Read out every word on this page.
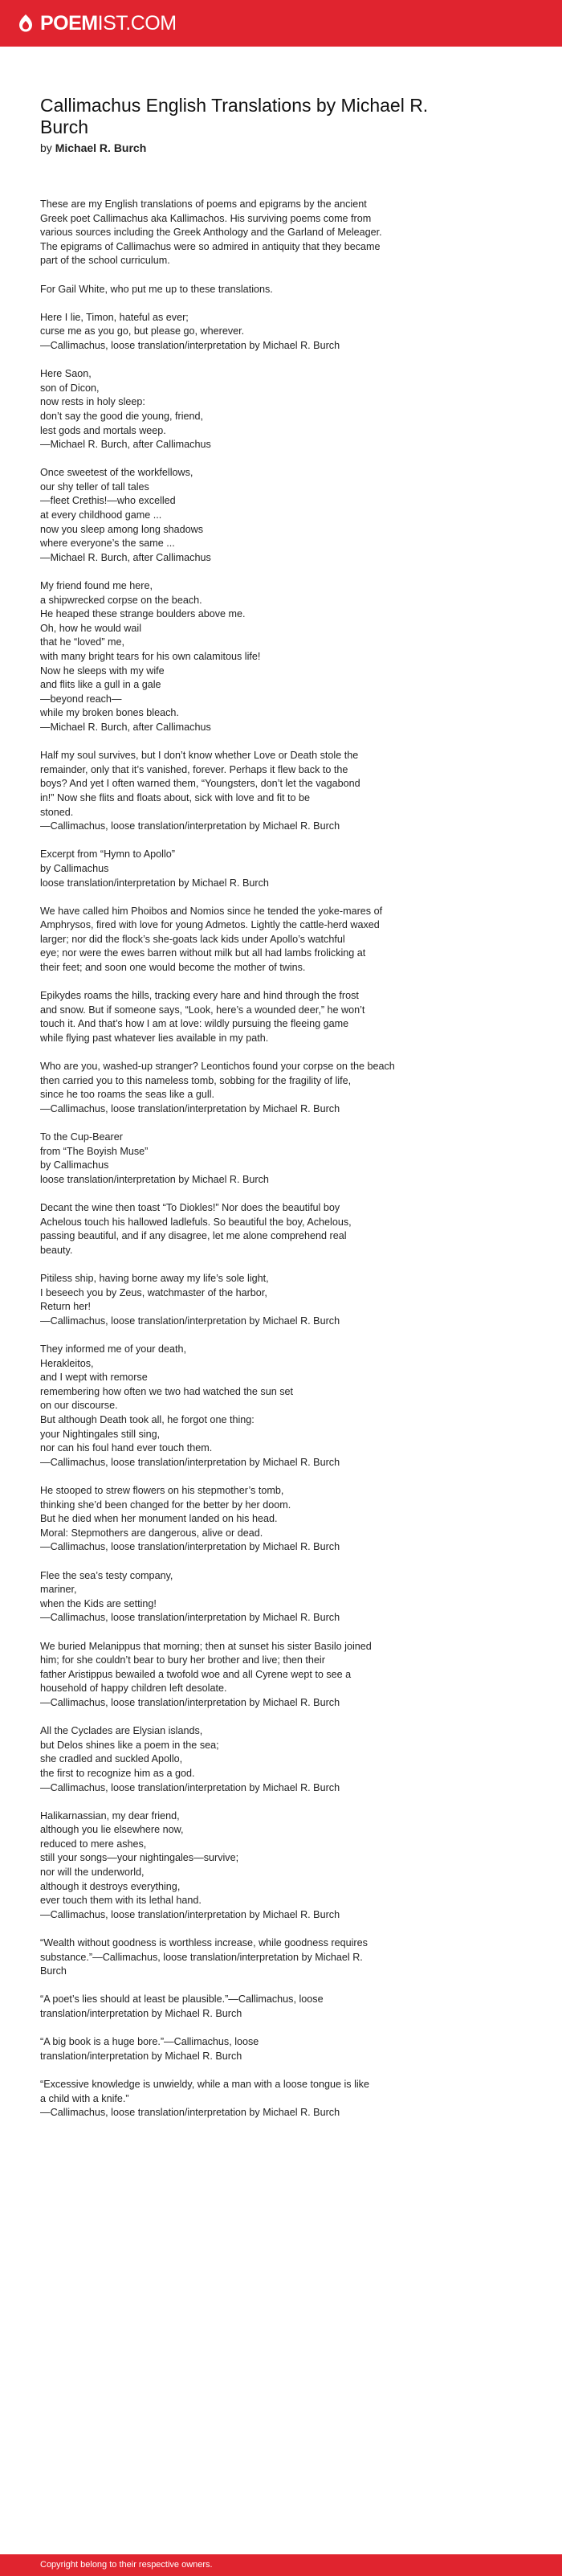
POEM IST.COM
Callimachus English Translations by Michael R. Burch
by Michael R. Burch
These are my English translations of poems and epigrams by the ancient
Greek poet Callimachus aka Kallimachos. His surviving poems come from
various sources including the Greek Anthology and the Garland of Meleager.
The epigrams of Callimachus were so admired in antiquity that they became
part of the school curriculum.
For Gail White, who put me up to these translations.
Here I lie, Timon, hateful as ever;
curse me as you go, but please go, wherever.
—Callimachus, loose translation/interpretation by Michael R. Burch
Here Saon,
son of Dicon,
now rests in holy sleep:
don’t say the good die young, friend,
lest gods and mortals weep.
—Michael R. Burch, after Callimachus
Once sweetest of the workfellows,
our shy teller of tall tales
—fleet Crethis!—who excelled
at every childhood game ...
now you sleep among long shadows
where everyone’s the same ...
—Michael R. Burch, after Callimachus
My friend found me here,
a shipwrecked corpse on the beach.
He heaped these strange boulders above me.
Oh, how he would wail
that he “loved” me,
with many bright tears for his own calamitous life!
Now he sleeps with my wife
and flits like a gull in a gale
—beyond reach—
while my broken bones bleach.
—Michael R. Burch, after Callimachus
Half my soul survives, but I don’t know whether Love or Death stole the
remainder, only that it’s vanished, forever. Perhaps it flew back to the
boys? And yet I often warned them, “Youngsters, don’t let the vagabond
in!” Now she flits and floats about, sick with love and fit to be
stoned.
—Callimachus, loose translation/interpretation by Michael R. Burch
Excerpt from “Hymn to Apollo”
by Callimachus
loose translation/interpretation by Michael R. Burch
We have called him Phoibos and Nomios since he tended the yoke-mares of
Amphrysos, fired with love for young Admetos. Lightly the cattle-herd waxed
larger; nor did the flock’s she-goats lack kids under Apollo’s watchful
eye; nor were the ewes barren without milk but all had lambs frolicking at
their feet; and soon one would become the mother of twins.
Epikydes roams the hills, tracking every hare and hind through the frost
and snow. But if someone says, “Look, here’s a wounded deer,” he won’t
touch it. And that’s how I am at love: wildly pursuing the fleeing game
while flying past whatever lies available in my path.
Who are you, washed-up stranger? Leontichos found your corpse on the beach
then carried you to this nameless tomb, sobbing for the fragility of life,
since he too roams the seas like a gull.
—Callimachus, loose translation/interpretation by Michael R. Burch
To the Cup-Bearer
from “The Boyish Muse”
by Callimachus
loose translation/interpretation by Michael R. Burch
Decant the wine then toast “To Diokles!” Nor does the beautiful boy
Achelous touch his hallowed ladlefuls. So beautiful the boy, Achelous,
passing beautiful, and if any disagree, let me alone comprehend real
beauty.
Pitiless ship, having borne away my life’s sole light,
I beseech you by Zeus, watchmaster of the harbor,
Return her!
—Callimachus, loose translation/interpretation by Michael R. Burch
They informed me of your death,
Herakleitos,
and I wept with remorse
remembering how often we two had watched the sun set
on our discourse.
But although Death took all, he forgot one thing:
your Nightingales still sing,
nor can his foul hand ever touch them.
—Callimachus, loose translation/interpretation by Michael R. Burch
He stooped to strew flowers on his stepmother’s tomb,
thinking she’d been changed for the better by her doom.
But he died when her monument landed on his head.
Moral: Stepmothers are dangerous, alive or dead.
—Callimachus, loose translation/interpretation by Michael R. Burch
Flee the sea’s testy company,
mariner,
when the Kids are setting!
—Callimachus, loose translation/interpretation by Michael R. Burch
We buried Melanippus that morning; then at sunset his sister Basilo joined
him; for she couldn’t bear to bury her brother and live; then their
father Aristippus bewailed a twofold woe and all Cyrene wept to see a
household of happy children left desolate.
—Callimachus, loose translation/interpretation by Michael R. Burch
All the Cyclades are Elysian islands,
but Delos shines like a poem in the sea;
she cradled and suckled Apollo,
the first to recognize him as a god.
—Callimachus, loose translation/interpretation by Michael R. Burch
Halikarnassian, my dear friend,
although you lie elsewhere now,
reduced to mere ashes,
still your songs—your nightingales—survive;
nor will the underworld,
although it destroys everything,
ever touch them with its lethal hand.
—Callimachus, loose translation/interpretation by Michael R. Burch
“Wealth without goodness is worthless increase, while goodness requires
substance.”—Callimachus, loose translation/interpretation by Michael R.
Burch
“A poet’s lies should at least be plausible.”—Callimachus, loose
translation/interpretation by Michael R. Burch
“A big book is a huge bore.”—Callimachus, loose
translation/interpretation by Michael R. Burch
“Excessive knowledge is unwieldy, while a man with a loose tongue is like
a child with a knife.”
—Callimachus, loose translation/interpretation by Michael R. Burch
Copyright belong to their respective owners.
